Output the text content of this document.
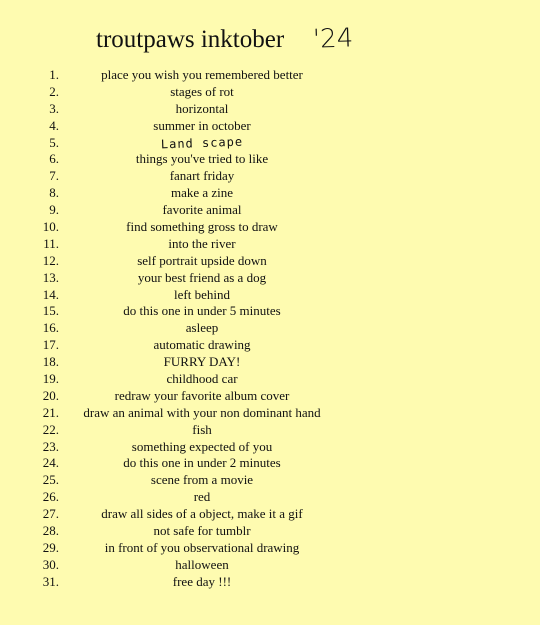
troutpaws inktober '24
1.	place you wish you remembered better
2.	stages of rot
3.	horizontal
4.	summer in october
5.	Land scape
6.	things you've tried to like
7.	fanart friday
8.	make a zine
9.	favorite animal
10.	find something gross to draw
11.	into the river
12.	self portrait upside down
13.	your best friend as a dog
14.	left behind
15.	do this one in under 5 minutes
16.	asleep
17.	automatic drawing
18.	FURRY DAY!
19.	childhood car
20.	redraw your favorite album cover
21. draw an animal with your non dominant hand
22.	fish
23.	something expected of you
24.	do this one in under 2 minutes
25.	scene from a movie
26.	red
27.	draw all sides of a object, make it a gif
28.	not safe for tumblr
29.	in front of you observational drawing
30.	halloween
31.	free day !!!
